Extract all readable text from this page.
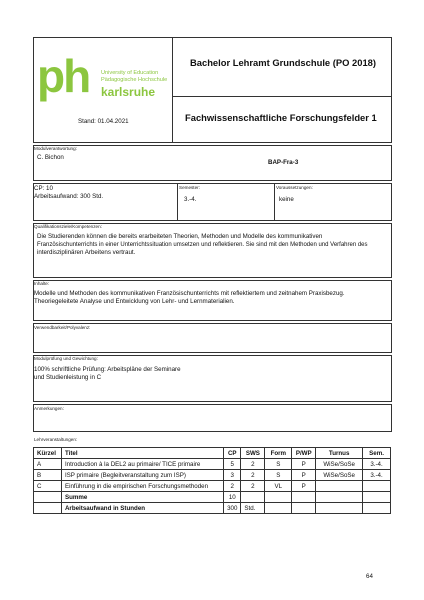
ph University of Education
Pädagogische Hochschule
karlsruhe
Stand: 01.04.2021
Bachelor Lehramt Grundschule (PO 2018)
Fachwissenschaftliche Forschungsfelder 1
Modulverantwortung:
C. Bichon
BAP-Fra-3
CP: 10
Arbeitsaufwand: 300 Std.
Semester:
3.-4.
Voraussetzungen:
keine
Qualifikationsziele/Kompetenzen:
Die Studierenden können die bereits erarbeiteten Theorien, Methoden und Modelle des kommunikativen
Französischunterrichts in einer Unterrichtssituation umsetzen und reflektieren. Sie sind mit den Methoden und Verfahren des
interdisziplinären Arbeitens vertraut.
Inhalte:
Modelle und Methoden des kommunikativen Französischunterrichts mit reflektiertem und zeitnahem Praxisbezug.
Theoriegeleitete Analyse und Entwicklung von Lehr- und Lernmaterialien.
Verwendbarkeit/Polyvalenz:
Modulprüfung und Gewichtung:
100% schriftliche Prüfung: Arbeitspläne der Seminare
und Studienleistung in C
Anmerkungen:
Lehrveranstaltungen:
Kürzel	Titel	CP	SWS	Form	P/WP	Turnus	Sem.
A	Introduction à la DEL2 au primaire/ TICE primaire	5	2	S	P	WiSe/SoSe	3.-4.
B	ISP primaire (Begleitveranstaltung zum ISP)	3	2	S	P	WiSe/SoSe	3.-4.
C	Einführung in die empirischen Forschungsmethoden	2	2	VL	P		
	Summe	10					
	Arbeitsaufwand in Stunden	300	Std.				
64
